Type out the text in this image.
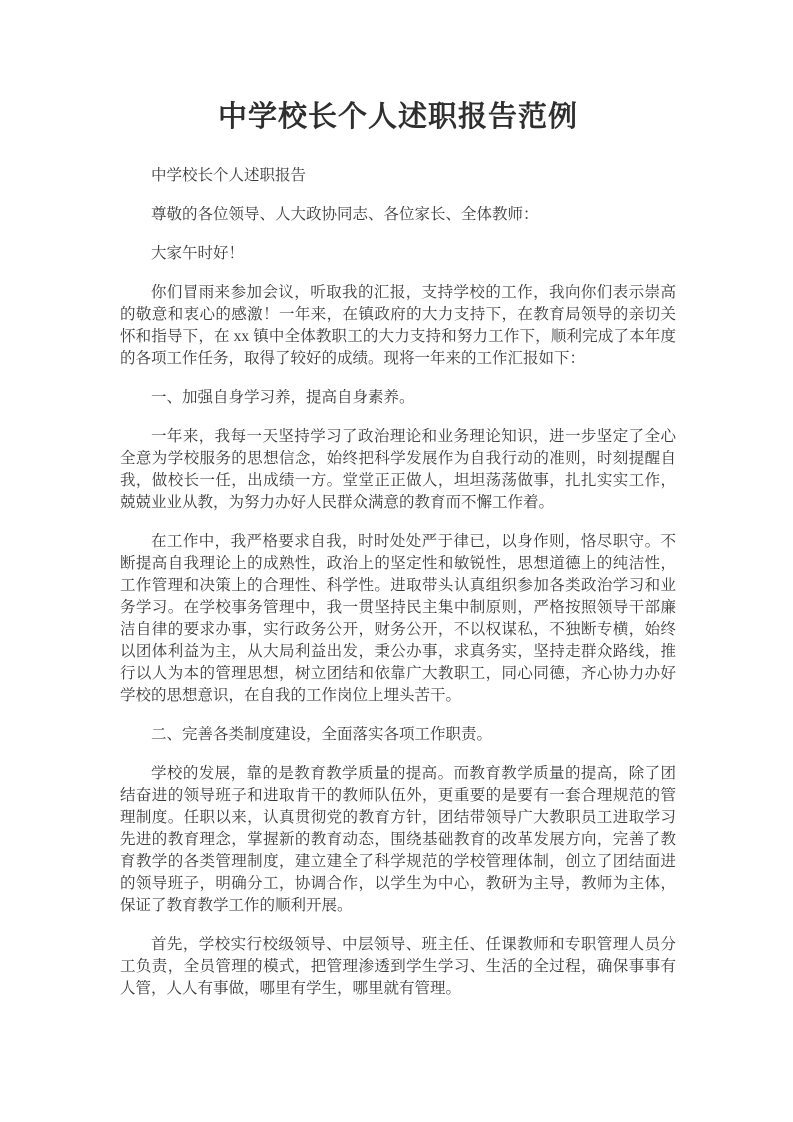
中学校长个人述职报告范例

中学校长个人述职报告

尊敬的各位领导、人大政协同志、各位家长、全体教师：

大家午时好！

你们冒雨来参加会议，听取我的汇报，支持学校的工作，我向你们表示崇高的敬意和衷心的感激！一年来，在镇政府的大力支持下，在教育局领导的亲切关怀和指导下，在 xx 镇中全体教职工的大力支持和努力工作下，顺利完成了本年度的各项工作任务，取得了较好的成绩。现将一年来的工作汇报如下：

一、加强自身学习养，提高自身素养。

一年来，我每一天坚持学习了政治理论和业务理论知识，进一步坚定了全心全意为学校服务的思想信念，始终把科学发展作为自我行动的准则，时刻提醒自我，做校长一任，出成绩一方。堂堂正正做人，坦坦荡荡做事，扎扎实实工作，兢兢业业从教，为努力办好人民群众满意的教育而不懈工作着。

在工作中，我严格要求自我，时时处处严于律已，以身作则，恪尽职守。不断提高自我理论上的成熟性，政治上的坚定性和敏锐性，思想道德上的纯洁性，工作管理和决策上的合理性、科学性。进取带头认真组织参加各类政治学习和业务学习。在学校事务管理中，我一贯坚持民主集中制原则，严格按照领导干部廉洁自律的要求办事，实行政务公开，财务公开，不以权谋私，不独断专横，始终以团体利益为主，从大局利益出发，秉公办事，求真务实，坚持走群众路线，推行以人为本的管理思想，树立团结和依靠广大教职工，同心同德，齐心协力办好学校的思想意识，在自我的工作岗位上埋头苦干。

二、完善各类制度建设，全面落实各项工作职责。

学校的发展，靠的是教育教学质量的提高。而教育教学质量的提高，除了团结奋进的领导班子和进取肯干的教师队伍外，更重要的是要有一套合理规范的管理制度。任职以来，认真贯彻党的教育方针，团结带领导广大教职员工进取学习先进的教育理念，掌握新的教育动态，围绕基础教育的改革发展方向，完善了教育教学的各类管理制度，建立建全了科学规范的学校管理体制，创立了团结面进的领导班子，明确分工，协调合作，以学生为中心，教研为主导，教师为主体，保证了教育教学工作的顺利开展。

首先，学校实行校级领导、中层领导、班主任、任课教师和专职管理人员分工负责，全员管理的模式，把管理渗透到学生学习、生活的全过程，确保事事有人管，人人有事做，哪里有学生，哪里就有管理。
